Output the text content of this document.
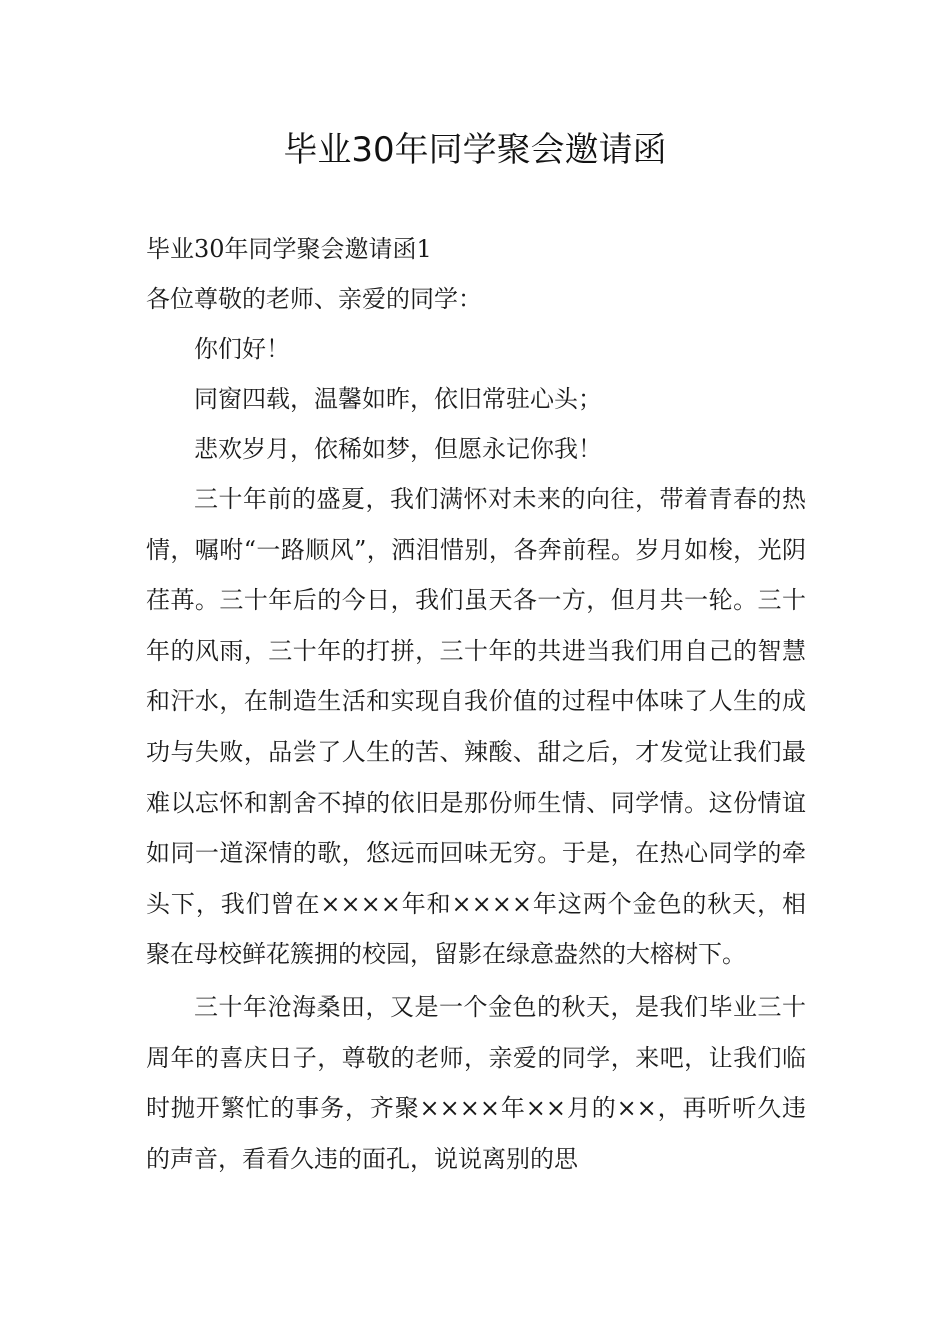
毕业30年同学聚会邀请函
毕业30年同学聚会邀请函1
各位尊敬的老师、亲爱的同学：
你们好！
同窗四载，温馨如昨，依旧常驻心头；
悲欢岁月，依稀如梦，但愿永记你我！

三十年前的盛夏，我们满怀对未来的向往，带着青春的热情，嘱咐“一路顺风”，洒泪惜别，各奔前程。岁月如梭，光阴荏苒。三十年后的今日，我们虽天各一方，但月共一轮。三十年的风雨，三十年的打拼，三十年的共进当我们用自己的智慧和汗水，在制造生活和实现自我价值的过程中体味了人生的成功与失败，品尝了人生的苦、辣酸、甜之后，才发觉让我们最难以忘怀和割舍不掉的依旧是那份师生情、同学情。这份情谊如同一道深情的歌，悠远而回味无穷。于是，在热心同学的牵头下，我们曾在××××年和××××年这两个金色的秋天，相聚在母校鲜花簇拥的校园，留影在绿意盎然的大榕树下。

三十年沧海桑田，又是一个金色的秋天，是我们毕业三十周年的喜庆日子，尊敬的老师，亲爱的同学，来吧，让我们临时抛开繁忙的事务，齐聚××××年××月的××，再听听久违的声音，看看久违的面孔，说说离别的思
